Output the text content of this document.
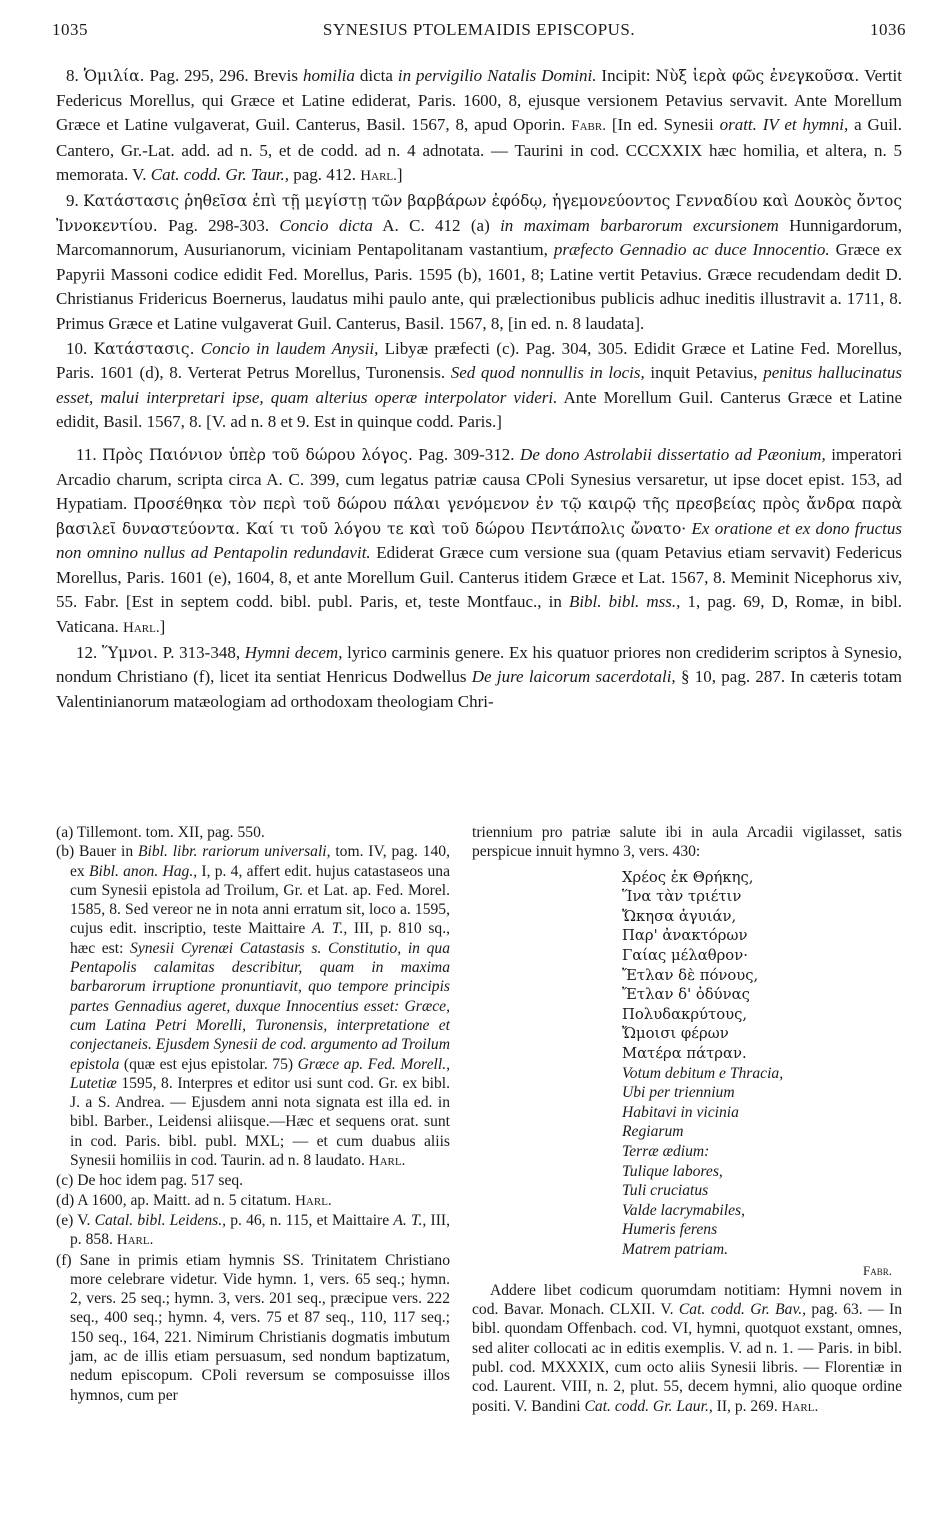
1035	SYNESIUS PTOLEMAIDIS EPISCOPUS.	1036

8. Ὁμιλία. Pag. 295, 296. Brevis homilia dicta in pervigilio Natalis Domini. Incipit: Νὺξ ἱερὰ φῶς ἐνεγκοῦσα. Vertit Federicus Morellus, qui Græce et Latine ediderat, Paris. 1600, 8, ejusque versionem Petavius servavit. Ante Morellum Græce et Latine vulgaverat, Guil. Canterus, Basil. 1567, 8, apud Oporin. Fabr. [In ed. Synesii oratt. IV et hymni, a Guil. Cantero, Gr.-Lat. add. ad n. 5, et de codd. ad n. 4 adnotata. — Taurini in cod. CCCXXIX hæc homilia, et altera, n. 5 memorata. V. Cat. codd. Gr. Taur., pag. 412. Harl.]

9. Κατάστασις ῥηθεῖσα ἐπὶ τῇ μεγίστῃ τῶν βαρβάρων ἐφόδῳ, ἡγεμονεύοντος Γενναδίου καὶ Δουκὸς ὄντος Ἰννοκεντίου. Pag. 298-303. Concio dicta A. C. 412 (a) in maximam barbarorum excursionem Hunnigardorum, Marcomannorum, Ausurianorum, viciniam Pentapolitanam vastantium, præfecto Gennadio ac duce Innocentio. Græce ex Papyrii Massoni codice edidit Fed. Morellus, Paris. 1595 (b), 1601, 8; Latine vertit Petavius. Græce recudendam dedit D. Christianus Fridericus Boernerus, laudatus mihi paulo ante, qui prælectionibus publicis adhuc ineditis illustravit a. 1711, 8. Primus Græce et Latine vulgaverat Guil. Canterus, Basil. 1567, 8, [in ed. n. 8 laudata].

10. Κατάστασις. Concio in laudem Anysii, Libyæ præfecti (c). Pag. 304, 305. Edidit Græce et Latine Fed. Morellus, Paris. 1601 (d), 8. Verterat Petrus Morellus, Turonensis. Sed quod nonnullis in locis, inquit Petavius, penitus hallucinatus esset, malui interpretari ipse, quam alterius operæ interpolator videri. Ante Morellum Guil. Canterus Græce et Latine edidit, Basil. 1567, 8. [V. ad n. 8 et 9. Est in quinque codd. Paris.]

11. Πρὸς Παιόνιον ὑπὲρ τοῦ δώρου λόγος. Pag. 309-312. De dono Astrolabii dissertatio ad Pæonium, imperatori Arcadio charum, scripta circa A. C. 399, cum legatus patriæ causa CPoli Synesius versaretur, ut ipse docet epist. 153, ad Hypatiam. Προσέθηκα τὸν περὶ τοῦ δώρου πάλαι γενόμενον ἐν τῷ καιρῷ τῆς πρεσβείας πρὸς ἄνδρα παρὰ βασιλεῖ δυναστεύοντα. Καί τι τοῦ λόγου τε καὶ τοῦ δώρου Πεντάπολις ὤνατο· Ex oratione et ex dono fructus non omnino nullus ad Pentapolin redundavit. Ediderat Græce cum versione sua (quam Petavius etiam servavit) Federicus Morellus, Paris. 1601 (e), 1604, 8, et ante Morellum Guil. Canterus itidem Græce et Lat. 1567, 8. Meminit Nicephorus xiv, 55. Fabr. [Est in septem codd. bibl. publ. Paris, et, teste Montfauc., in Bibl. bibl. mss., 1, pag. 69, D, Romæ, in bibl. Vaticana. Harl.]

12. Ὕμνοι. P. 313-348, Hymni decem, lyrico carminis genere. Ex his quatuor priores non crediderim scriptos à Synesio, nondum Christiano (f), licet ita sentiat Henricus Dodwellus De jure laicorum sacerdotali, § 10, pag. 287. In cæteris totam Valentinianorum matæologiam ad orthodoxam theologiam Chri-

(a) Tillemont. tom. XII, pag. 550.

(b) Bauer in Bibl. libr. rariorum universali, tom. IV, pag. 140, ex Bibl. anon. Hag., I, p. 4, affert edit. hujus catastaseos una cum Synesii epistola ad Troilum, Gr. et Lat. ap. Fed. Morel. 1585, 8. Sed vereor ne in nota anni erratum sit, loco a. 1595, cujus edit. inscriptio, teste Maittaire A. T., III, p. 810 sq., hæc est: Synesii Cyrenæi Catastasis s. Constitutio, in qua Pentapolis calamitas describitur, quam in maxima barbarorum irruptione pronuntiavit, quo tempore principis partes Gennadius ageret, duxque Innocentius esset: Græce, cum Latina Petri Morelli, Turonensis, interpretatione et conjectaneis. Ejusdem Synesii de cod. argumento ad Troilum epistola (quæ est ejus epistolar. 75) Græce ap. Fed. Morell., Lutetiæ 1595, 8. Interpres et editor usi sunt cod. Gr. ex bibl. J. a S. Andrea. — Ejusdem anni nota signata est illa ed. in bibl. Barber., Leidensi aliisque.—Hæc et sequens orat. sunt in cod. Paris. bibl. publ. MXL; — et cum duabus aliis Synesii homiliis in cod. Taurin. ad n. 8 laudato. Harl.

(c) De hoc idem pag. 517 seq.

(d) A 1600, ap. Maitt. ad n. 5 citatum. Harl.

(e) V. Catal. bibl. Leidens., p. 46, n. 115, et Maittaire A. T., III, p. 858. Harl.

(f) Sane in primis etiam hymnis SS. Trinitatem Christiano more celebrare videtur. Vide hymn. 1, vers. 65 seq.; hymn. 2, vers. 25 seq.; hymn. 3, vers. 201 seq., præcipue vers. 222 seq., 400 seq.; hymn. 4, vers. 75 et 87 seq., 110, 117 seq.; 150 seq., 164, 221. Nimirum Christianis dogmatis imbutum jam, ac de illis etiam persuasum, sed nondum baptizatum, nedum episcopum. CPoli reversum se composuisse illos hymnos, cum per

triennium pro patriæ salute ibi in aula Arcadii vigilasset, satis perspicue innuit hymno 3, vers. 430:

Χρέος ἐκ Θρήκης,
Ἵνα τὰν τριέτιν
Ὤκησα ἀγυιάν,
Παρ' ἀνακτόρων
Γαίας μέλαθρον·
Ἔτλαν δὲ πόνους,
Ἔτλαν δ' ὀδύνας
Πολυδακρύτους,
Ὤμοισι φέρων
Ματέρα πάτραν.
Votum debitum e Thracia,
Ubi per triennium
Habitavi in vicinia
Regiarum
Terræ ædium:
Tulique labores,
Tuli cruciatus
Valde lacrymabiles,
Humeris ferens
Matrem patriam.
Fabr.

Addere libet codicum quorumdam notitiam: Hymni novem in cod. Bavar. Monach. CLXII. V. Cat. codd. Gr. Bav., pag. 63. — In bibl. quondam Offenbach. cod. VI, hymni, quotquot exstant, omnes, sed aliter collocati ac in editis exemplis. V. ad n. 1. — Paris. in bibl. publ. cod. MXXXIX, cum octo aliis Synesii libris. — Florentiæ in cod. Laurent. VIII, n. 2, plut. 55, decem hymni, alio quoque ordine positi. V. Bandini Cat. codd. Gr. Laur., II, p. 269. Harl.
